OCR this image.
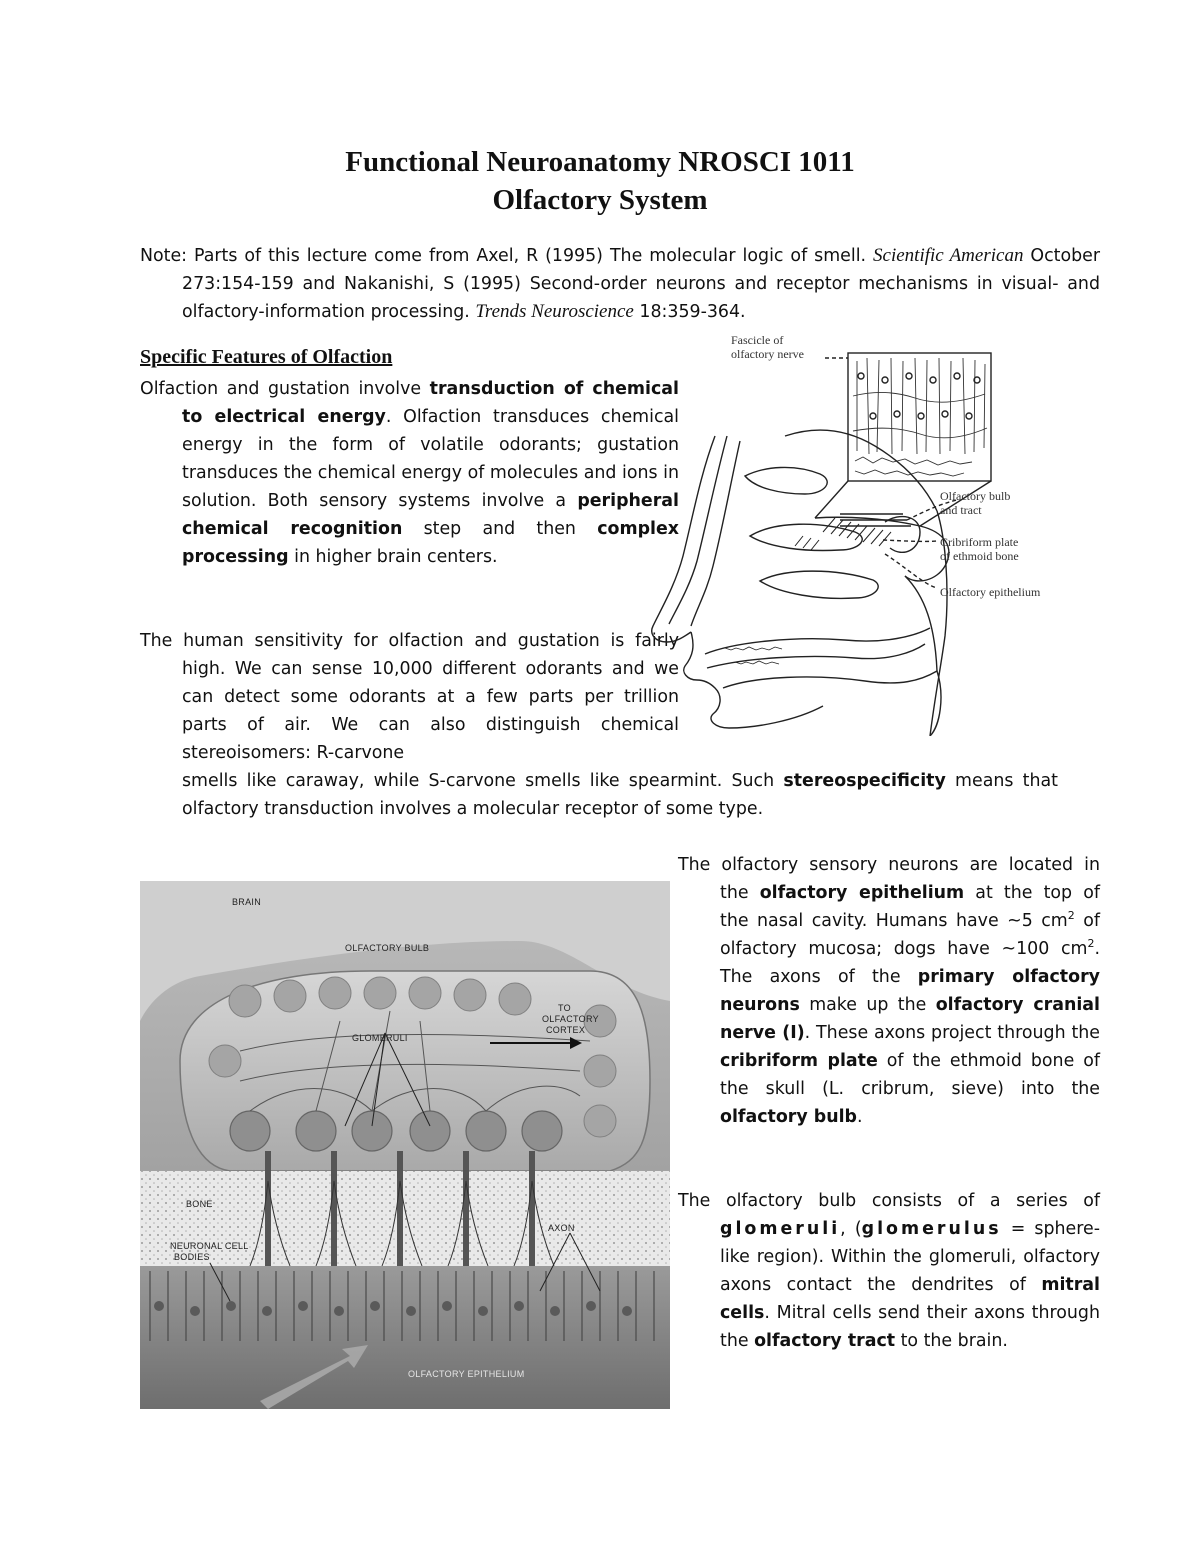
Functional Neuroanatomy NROSCI 1011
Olfactory System
Note: Parts of this lecture come from Axel, R (1995) The molecular logic of smell. Scientific American October 273:154-159 and Nakanishi, S (1995) Second-order neurons and receptor mechanisms in visual- and olfactory-information processing. Trends Neuroscience 18:359-364.
Specific Features of Olfaction
Olfaction and gustation involve transduction of chemical to electrical energy. Olfaction transduces chemical energy in the form of volatile odorants; gustation transduces the chemical energy of molecules and ions in solution. Both sensory systems involve a peripheral chemical recognition step and then complex processing in higher brain centers.
The human sensitivity for olfaction and gustation is fairly high. We can sense 10,000 different odorants and we can detect some odorants at a few parts per trillion parts of air. We can also distinguish chemical stereoisomers: R-carvone
smells like caraway, while S-carvone smells like spearmint. Such stereospecificity means that olfactory transduction involves a molecular receptor of some type.
The olfactory sensory neurons are located in the olfactory epithelium at the top of the nasal cavity. Humans have ~5 $cm^2$ of olfactory mucosa; dogs have ~100 $cm^2$. The axons of the primary olfactory neurons make up the olfactory cranial nerve (I). These axons project through the cribriform plate of the ethmoid bone of the skull (L. cribrum, sieve) into the olfactory bulb.
The olfactory bulb consists of a series of glomeruli, (glomerulus = sphere-like region). Within the glomeruli, olfactory axons contact the dendrites of mitral cells. Mitral cells send their axons through the olfactory tract to the brain.
Fascicle of
olfactory nerve
Olfactory bulb
and tract
Cribriform plate
of ethmoid bone
Olfactory epithelium
BRAIN
OLFACTORY BULB
TO
OLFACTORY
CORTEX
GLOMERULI
BONE
AXON
NEURONAL CELL
BODIES
OLFACTORY EPITHELIUM
